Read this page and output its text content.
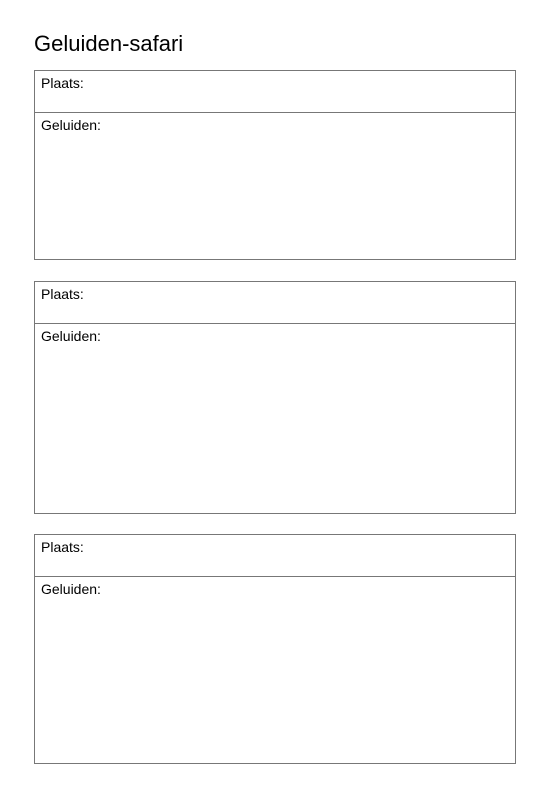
Geluiden-safari
Plaats:
Geluiden:
Plaats:
Geluiden:
Plaats:
Geluiden:
